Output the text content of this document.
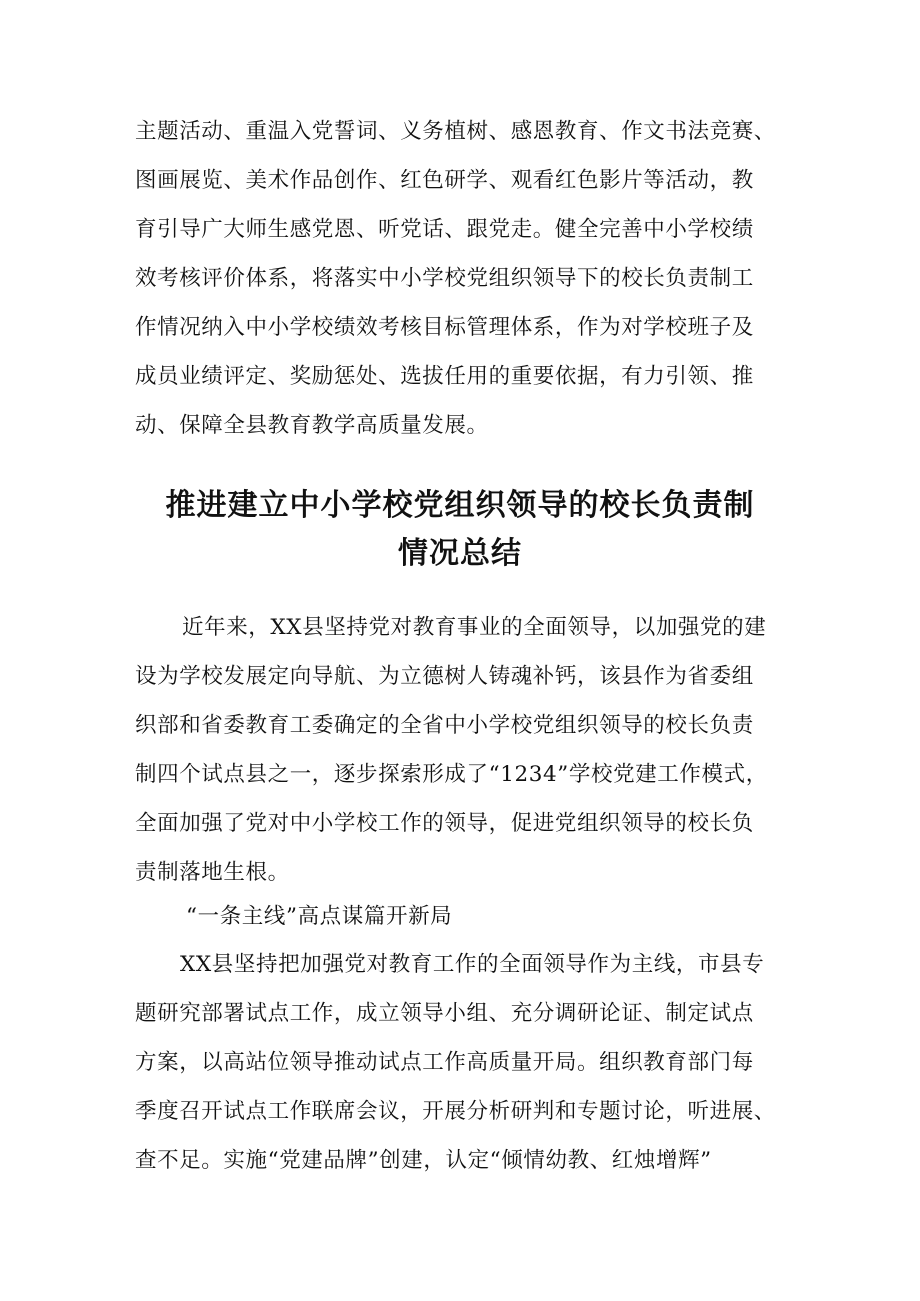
主题活动、重温入党誓词、义务植树、感恩教育、作文书法竞赛、
图画展览、美术作品创作、红色研学、观看红色影片等活动，教
育引导广大师生感党恩、听党话、跟党走。健全完善中小学校绩
效考核评价体系，将落实中小学校党组织领导下的校长负责制工
作情况纳入中小学校绩效考核目标管理体系，作为对学校班子及
成员业绩评定、奖励惩处、选拔任用的重要依据，有力引领、推
动、保障全县教育教学高质量发展。
推进建立中小学校党组织领导的校长负责制
情况总结
近年来，XX县坚持党对教育事业的全面领导，以加强党的建
设为学校发展定向导航、为立德树人铸魂补钙，该县作为省委组
织部和省委教育工委确定的全省中小学校党组织领导的校长负责
制四个试点县之一，逐步探索形成了“1234”学校党建工作模式，
全面加强了党对中小学校工作的领导，促进党组织领导的校长负
责制落地生根。
“一条主线”高点谋篇开新局
XX县坚持把加强党对教育工作的全面领导作为主线，市县专
题研究部署试点工作，成立领导小组、充分调研论证、制定试点
方案，以高站位领导推动试点工作高质量开局。组织教育部门每
季度召开试点工作联席会议，开展分析研判和专题讨论，听进展、
查不足。实施“党建品牌”创建，认定“倾情幼教、红烛增辉”
